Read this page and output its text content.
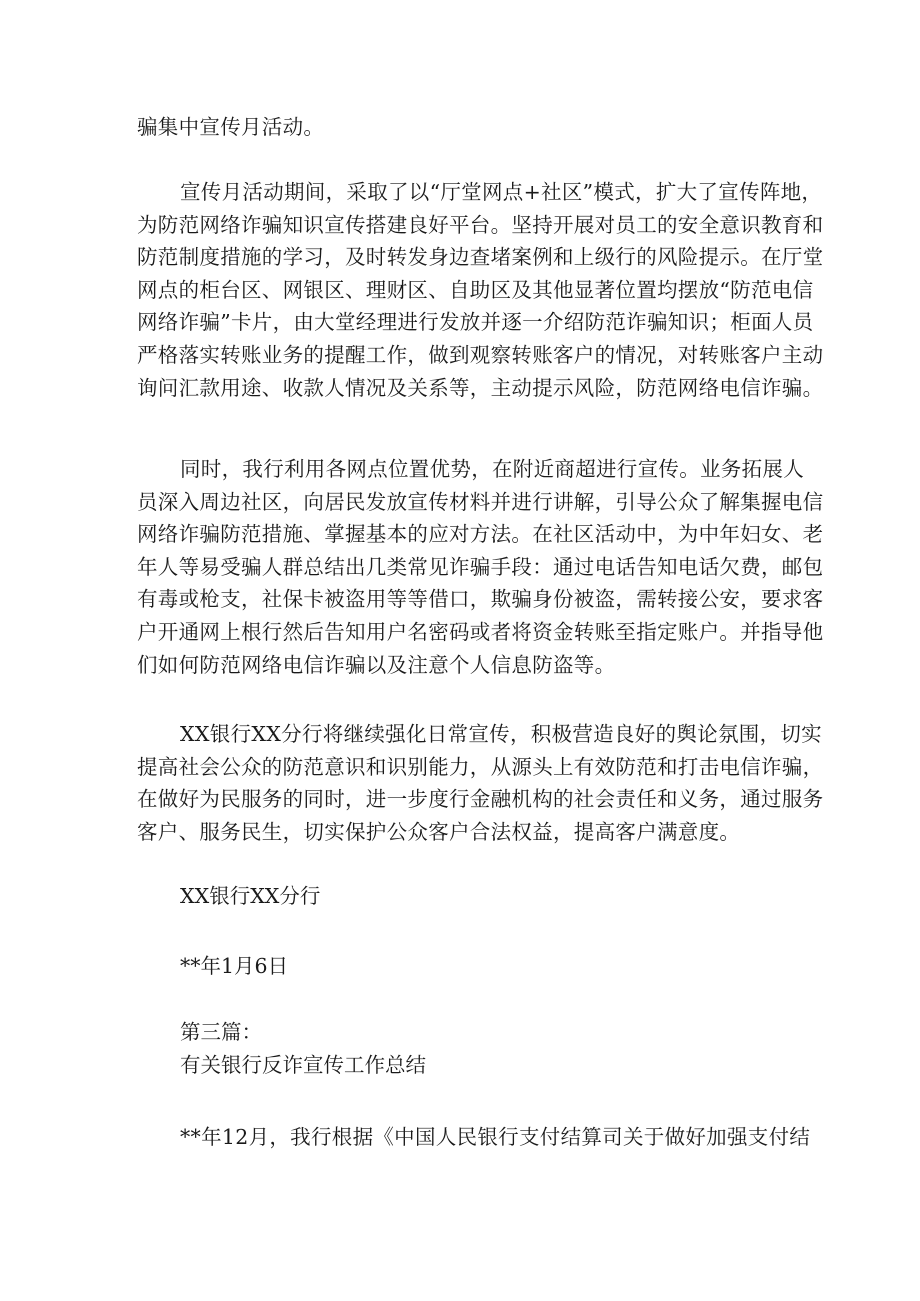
骗集中宣传月活动。

宣传月活动期间，采取了以“厅堂网点+社区”模式，扩大了宣传阵地，
为防范网络诈骗知识宣传搭建良好平台。坚持开展对员工的安全意识教育和
防范制度措施的学习，及时转发身边查堵案例和上级行的风险提示。在厅堂
网点的柜台区、网银区、理财区、自助区及其他显著位置均摆放“防范电信
网络诈骗”卡片，由大堂经理进行发放并逐一介绍防范诈骗知识；柜面人员
严格落实转账业务的提醒工作，做到观察转账客户的情况，对转账客户主动
询问汇款用途、收款人情况及关系等，主动提示风险，防范网络电信诈骗。

同时，我行利用各网点位置优势，在附近商超进行宣传。业务拓展人
员深入周边社区，向居民发放宣传材料并进行讲解，引导公众了解集握电信
网络诈骗防范措施、掌握基本的应对方法。在社区活动中，为中年妇女、老
年人等易受骗人群总结出几类常见诈骗手段：通过电话告知电话欠费，邮包
有毒或枪支，社保卡被盗用等等借口，欺骗身份被盗，需转接公安，要求客
户开通网上根行然后告知用户名密码或者将资金转账至指定账户。并指导他
们如何防范网络电信诈骗以及注意个人信息防盗等。

XX银行XX分行将继续强化日常宣传，积极营造良好的舆论氛围，切实
提高社会公众的防范意识和识别能力，从源头上有效防范和打击电信诈骗，
在做好为民服务的同时，进一步度行金融机构的社会责任和义务，通过服务
客户、服务民生，切实保护公众客户合法权益，提高客户满意度。

XX银行XX分行

**年1月6日

第三篇：

有关银行反诈宣传工作总结

**年12月，我行根据《中国人民银行支付结算司关于做好加强支付结
